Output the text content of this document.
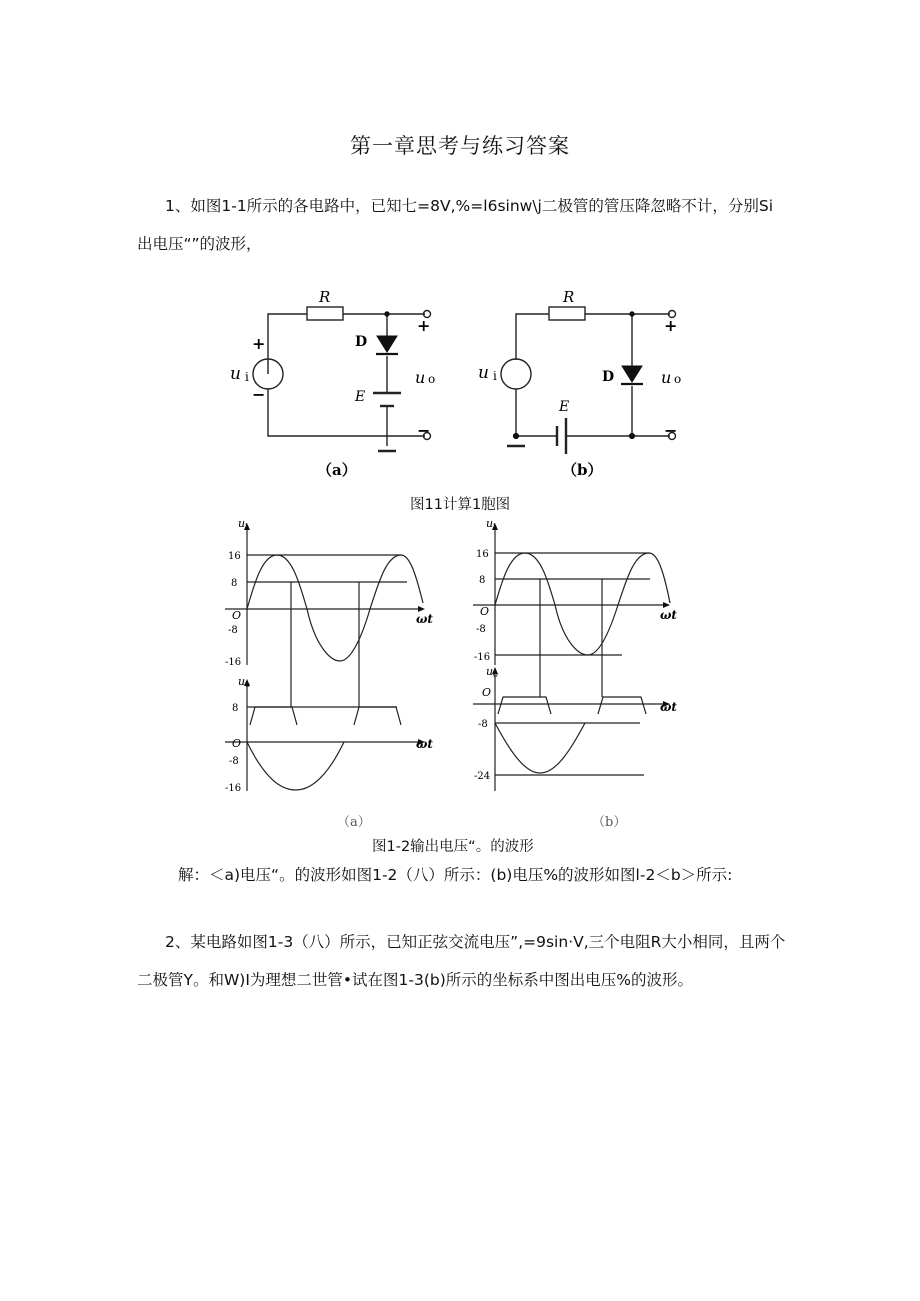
第一章思考与练习答案
1、如图1-1所示的各电路中，已知七=8V,%=l6sinw\j二极管的管压降忽略不计，分别Si
出电压“”的波形，
R
D
E
+
−
u i
+
−
u o
（a）
R
D
E
u i
+
−
u o
（b）
图11计算1胞图
u i
16
8
O
-8
-16
ωt
u o
8
O
-8
-16
ωt
（a）
u i
16
8
O
-8
-16
ωt
u o
O
-8
-24
ωt
（b）
图1-2输出电压“。的波形
解：＜a)电压“。的波形如图1-2（八）所示：(b)电压%的波形如图l-2＜b＞所示:
2、某电路如图1-3（八）所示，已知正弦交流电压”,=9sin·V,三个电阻R大小相同，且两个
二极管Y。和W)I为理想二世管•试在图1-3(b)所示的坐标系中图出电压%的波形。
